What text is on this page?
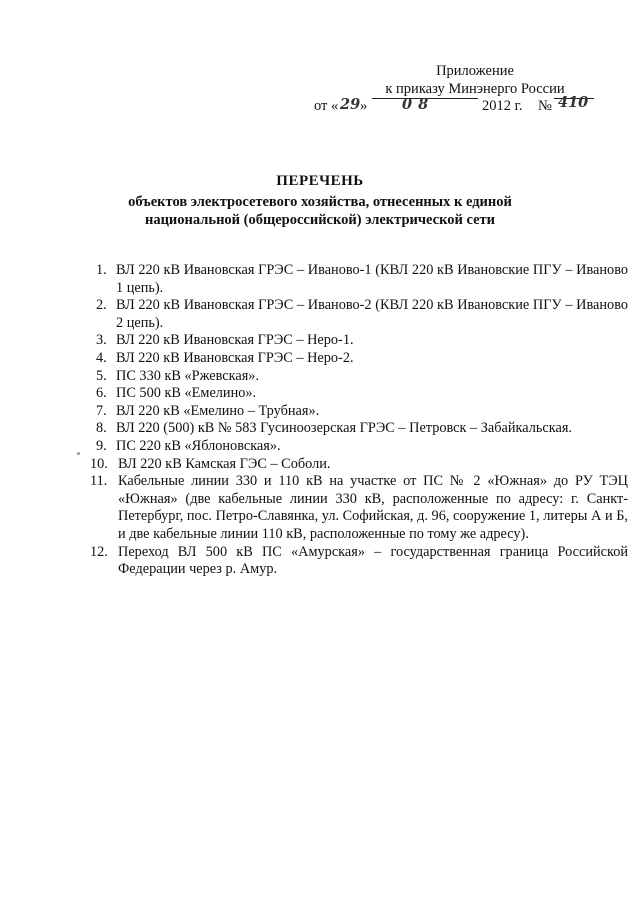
Приложение
к приказу Минэнерго России
от « 29 » 08	2012 г. № 410
ПЕРЕЧЕНЬ
объектов электросетевого хозяйства, отнесенных к единой
национальной (общероссийской) электрической сети
1. ВЛ 220 кВ Ивановская ГРЭС – Иваново-1 (КВЛ 220 кВ Ивановские ПГУ – Иваново 1 цепь).
2. ВЛ 220 кВ Ивановская ГРЭС – Иваново-2 (КВЛ 220 кВ Ивановские ПГУ – Иваново 2 цепь).
3. ВЛ 220 кВ Ивановская ГРЭС – Неро-1.
4. ВЛ 220 кВ Ивановская ГРЭС – Неро-2.
5. ПС 330 кВ «Ржевская».
6. ПС 500 кВ «Емелино».
7. ВЛ 220 кВ «Емелино – Трубная».
8. ВЛ 220 (500) кВ № 583 Гусиноозерская ГРЭС – Петровск – Забайкальская.
9. ПС 220 кВ «Яблоновская».
10. ВЛ 220 кВ Камская ГЭС – Соболи.
11. Кабельные линии 330 и 110 кВ на участке от ПС № 2 «Южная» до РУ ТЭЦ «Южная» (две кабельные линии 330 кВ, расположенные по адресу: г. Санкт-Петербург, пос. Петро-Славянка, ул. Софийская, д. 96, сооружение 1, литеры А и Б, и две кабельные линии 110 кВ, расположенные по тому же адресу).
12. Переход ВЛ 500 кВ ПС «Амурская» – государственная граница Российской Федерации через р. Амур.
